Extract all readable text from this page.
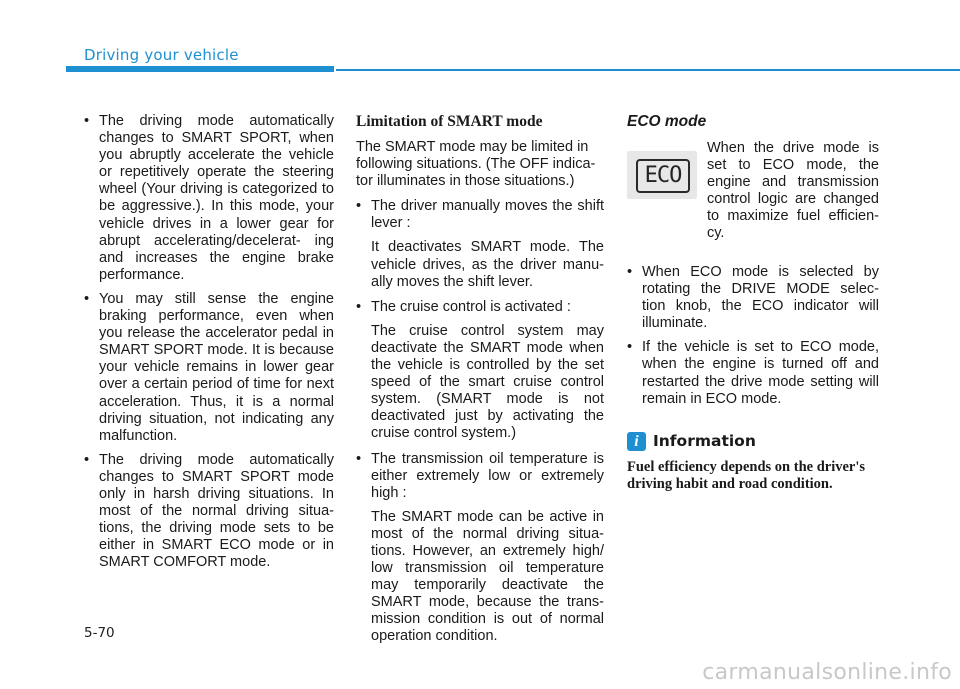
Driving your vehicle
• The driving mode automatically changes to SMART SPORT, when you abruptly accelerate the vehicle or repetitively operate the steering wheel (Your driving is categorized to be aggressive.). In this mode, your vehicle drives in a lower gear for abrupt accelerating/decelerat- ing and increases the engine brake performance.
• You may still sense the engine braking performance, even when you release the accelerator pedal in SMART SPORT mode. It is because your vehicle remains in lower gear over a certain period of time for next acceleration. Thus, it is a normal driving situation, not indicating any malfunction.
• The driving mode automatically changes to SMART SPORT mode only in harsh driving situations. In most of the normal driving situa- tions, the driving mode sets to be either in SMART ECO mode or in SMART COMFORT mode.
Limitation of SMART mode

The SMART mode may be limited in following situations. (The OFF indica- tor illuminates in those situations.)

• The driver manually moves the shift lever :
It deactivates SMART mode. The vehicle drives, as the driver manu- ally moves the shift lever.
• The cruise control is activated :
The cruise control system may deactivate the SMART mode when the vehicle is controlled by the set speed of the smart cruise control system. (SMART mode is not deactivated just by activating the cruise control system.)
• The transmission oil temperature is either extremely low or extremely high :
The SMART mode can be active in most of the normal driving situa- tions. However, an extremely high/ low transmission oil temperature may temporarily deactivate the SMART mode, because the trans- mission condition is out of normal operation condition.
ECO mode
ECO
When the drive mode is set to ECO mode, the engine and transmission control logic are changed to maximize fuel efficien- cy.
• When ECO mode is selected by rotating the DRIVE MODE selec- tion knob, the ECO indicator will illuminate.
• If the vehicle is set to ECO mode, when the engine is turned off and restarted the drive mode setting will remain in ECO mode.
i Information
Fuel efficiency depends on the driver's driving habit and road condition.
5-70
carmanualsonline.info
